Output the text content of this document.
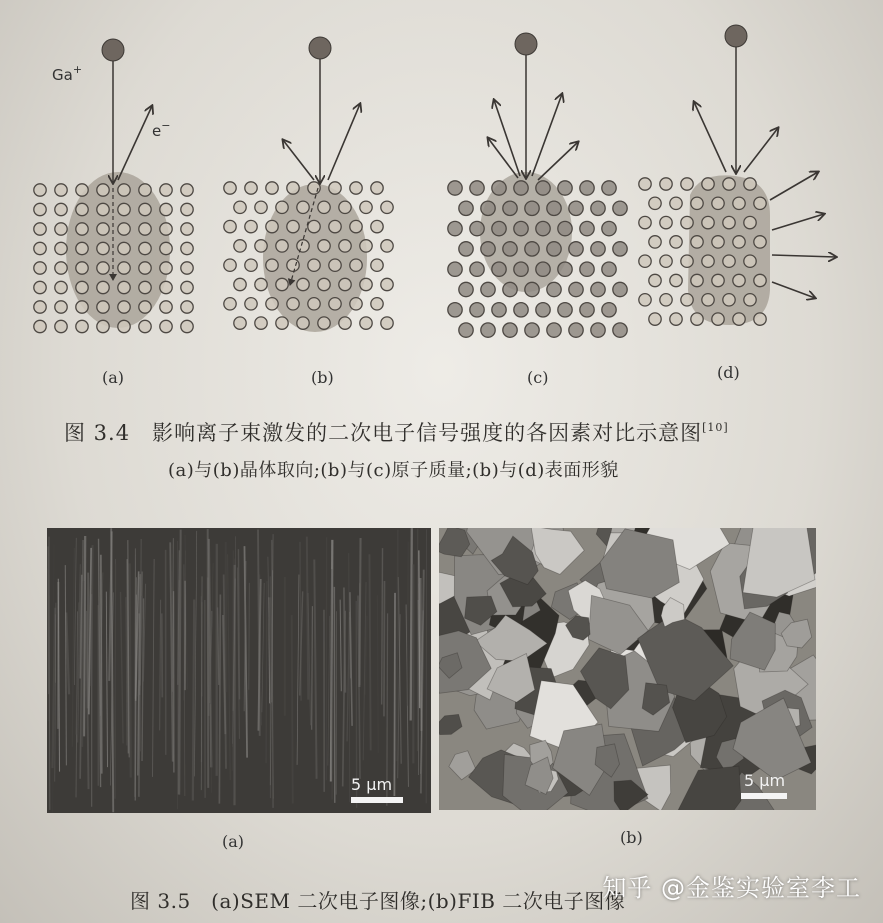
Ga+
e−
(a)	(b)	(c)	(d)
图 3.4　影响离子束激发的二次电子信号强度的各因素对比示意图[10]
(a)与(b)晶体取向;(b)与(c)原子质量;(b)与(d)表面形貌
5 µm	5 µm
(a)	(b)
图 3.5　(a)SEM 二次电子图像;(b)FIB 二次电子图像
知乎 @金鉴实验室李工
